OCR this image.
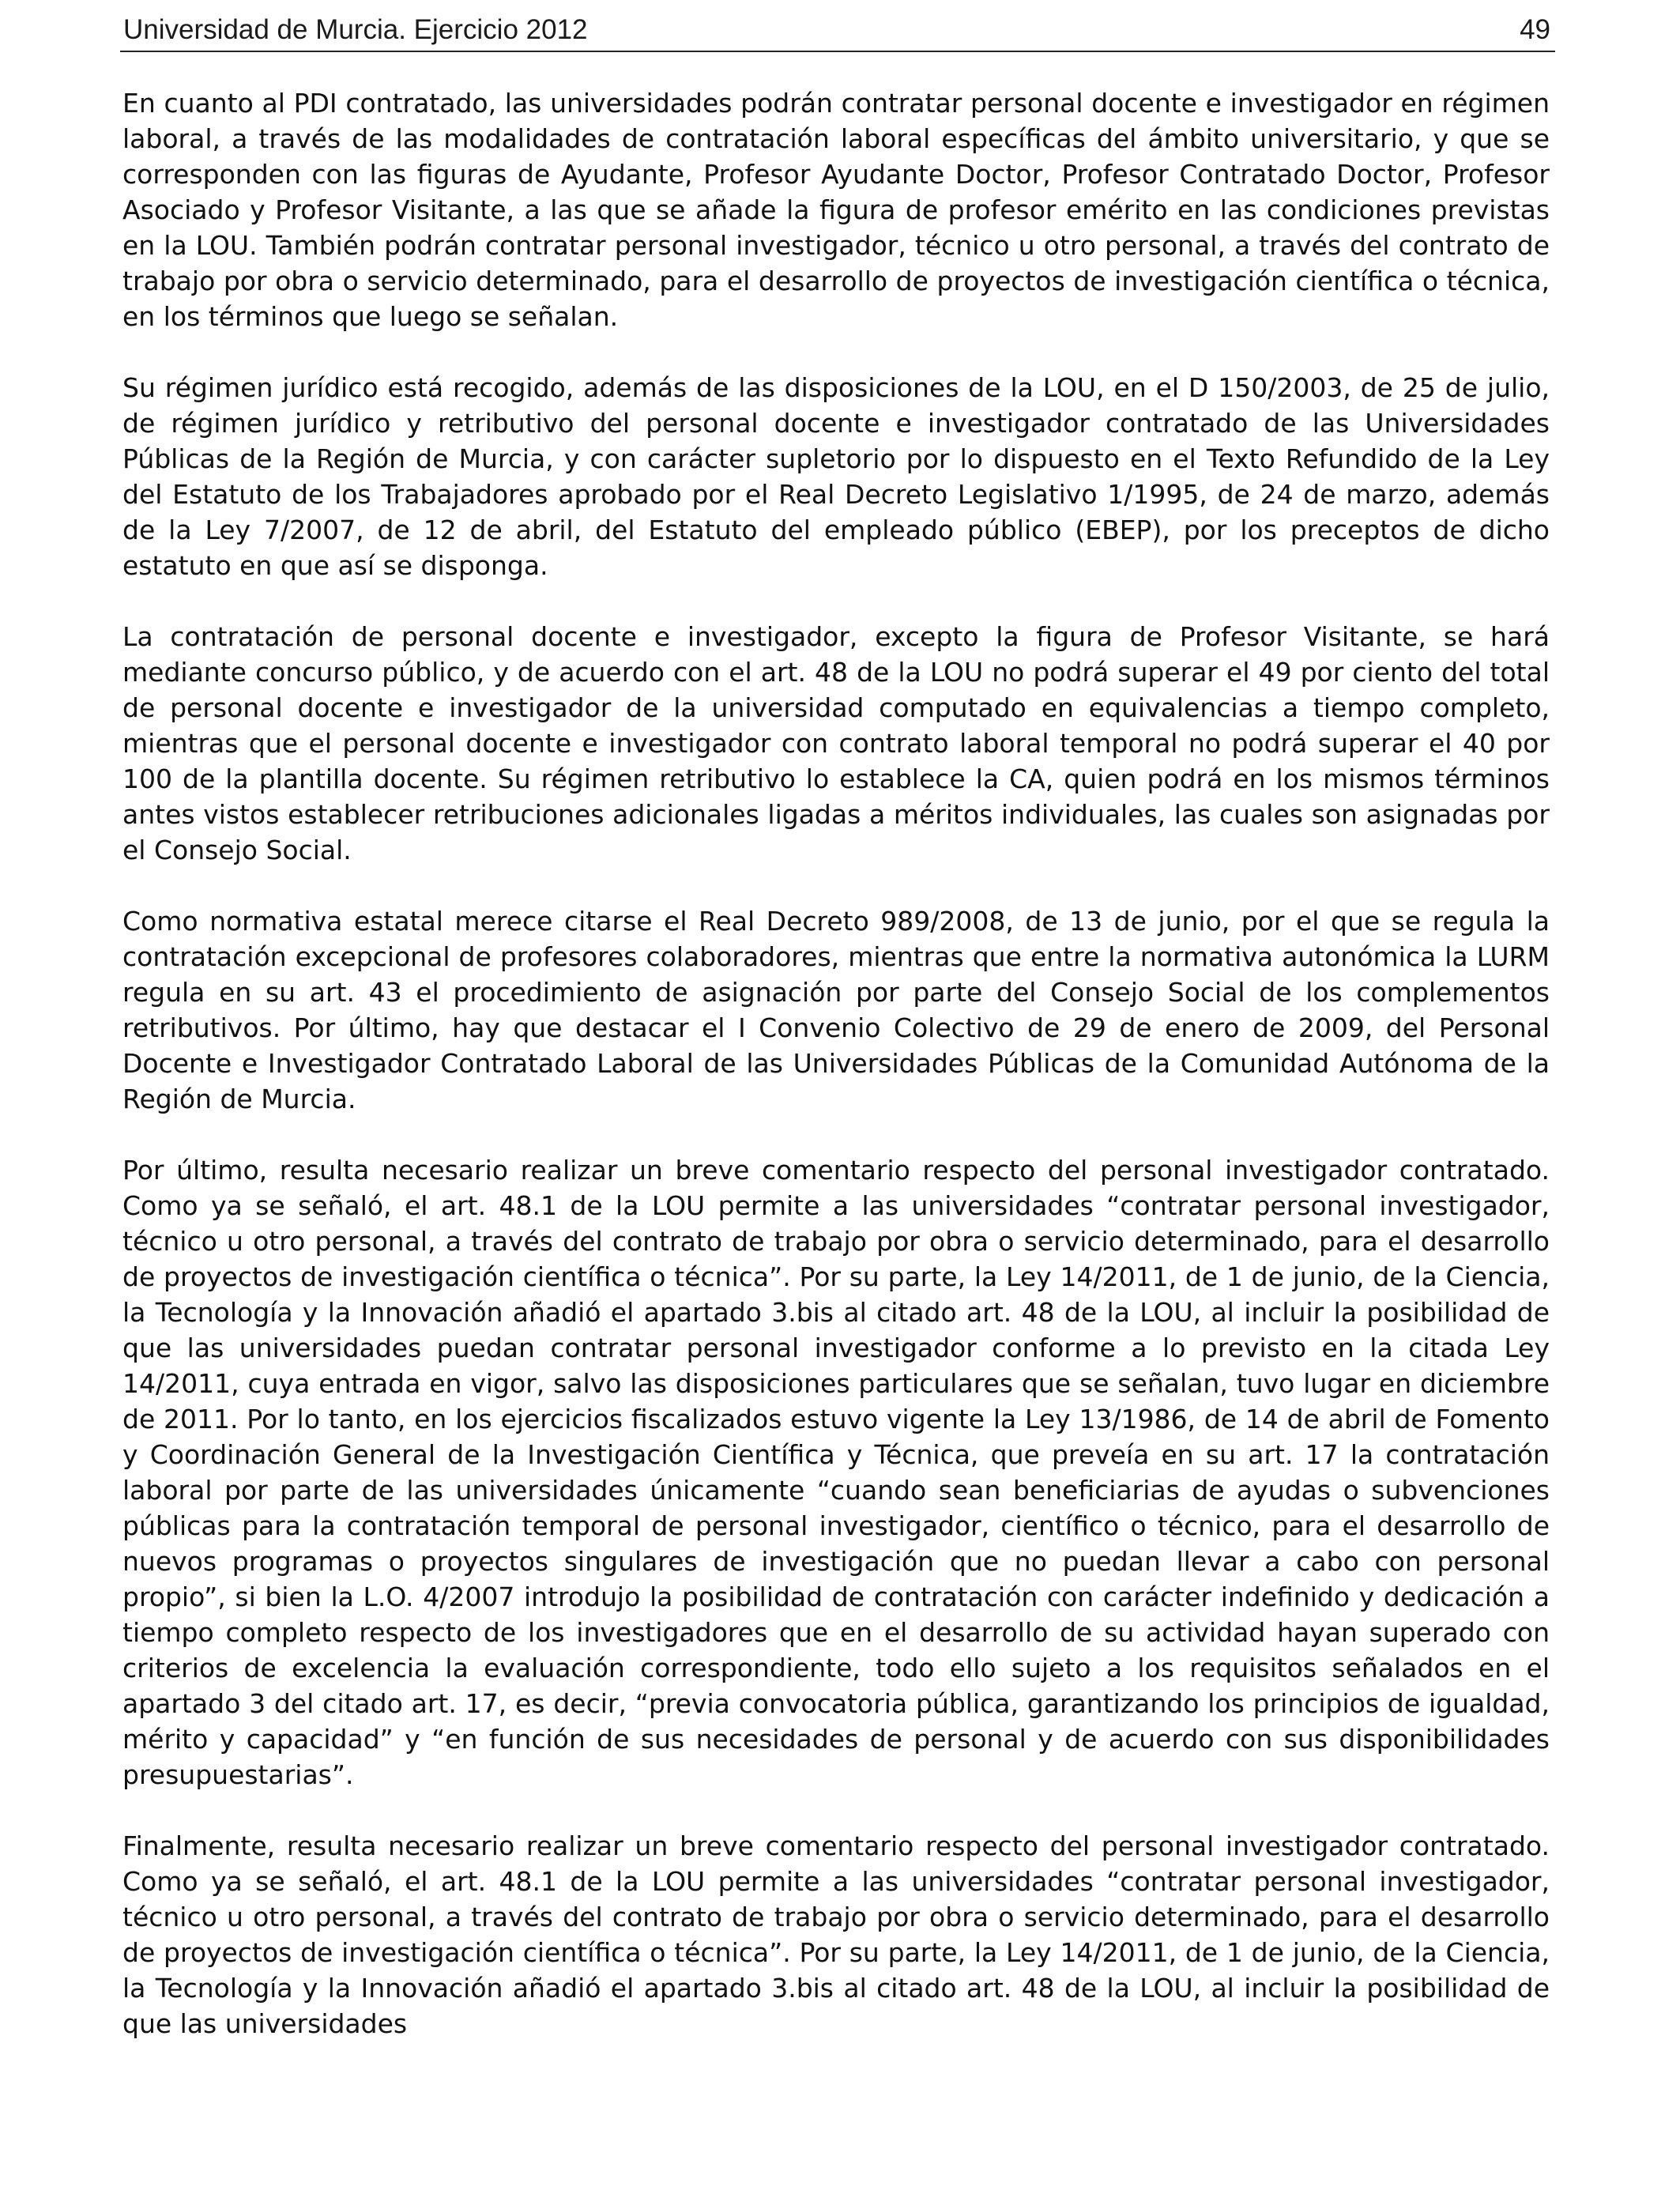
Universidad de Murcia. Ejercicio 2012	49

En cuanto al PDI contratado, las universidades podrán contratar personal docente e investigador en régimen laboral, a través de las modalidades de contratación laboral específicas del ámbito universitario, y que se corresponden con las figuras de Ayudante, Profesor Ayudante Doctor, Profesor Contratado Doctor, Profesor Asociado y Profesor Visitante, a las que se añade la figura de profesor emérito en las condiciones previstas en la LOU. También podrán contratar personal investigador, técnico u otro personal, a través del contrato de trabajo por obra o servicio determinado, para el desarrollo de proyectos de investigación científica o técnica, en los términos que luego se señalan.

Su régimen jurídico está recogido, además de las disposiciones de la LOU, en el D 150/2003, de 25 de julio, de régimen jurídico y retributivo del personal docente e investigador contratado de las Universidades Públicas de la Región de Murcia, y con carácter supletorio por lo dispuesto en el Texto Refundido de la Ley del Estatuto de los Trabajadores aprobado por el Real Decreto Legislativo 1/1995, de 24 de marzo, además de la Ley 7/2007, de 12 de abril, del Estatuto del empleado público (EBEP), por los preceptos de dicho estatuto en que así se disponga.

La contratación de personal docente e investigador, excepto la figura de Profesor Visitante, se hará mediante concurso público, y de acuerdo con el art. 48 de la LOU no podrá superar el 49 por ciento del total de personal docente e investigador de la universidad computado en equivalencias a tiempo completo, mientras que el personal docente e investigador con contrato laboral temporal no podrá superar el 40 por 100 de la plantilla docente. Su régimen retributivo lo establece la CA, quien podrá en los mismos términos antes vistos establecer retribuciones adicionales ligadas a méritos individuales, las cuales son asignadas por el Consejo Social.

Como normativa estatal merece citarse el Real Decreto 989/2008, de 13 de junio, por el que se regula la contratación excepcional de profesores colaboradores, mientras que entre la normativa autonómica la LURM regula en su art. 43 el procedimiento de asignación por parte del Consejo Social de los complementos retributivos. Por último, hay que destacar el I Convenio Colectivo de 29 de enero de 2009, del Personal Docente e Investigador Contratado Laboral de las Universidades Públicas de la Comunidad Autónoma de la Región de Murcia.

Por último, resulta necesario realizar un breve comentario respecto del personal investigador contratado. Como ya se señaló, el art. 48.1 de la LOU permite a las universidades “contratar personal investigador, técnico u otro personal, a través del contrato de trabajo por obra o servicio determinado, para el desarrollo de proyectos de investigación científica o técnica”. Por su parte, la Ley 14/2011, de 1 de junio, de la Ciencia, la Tecnología y la Innovación añadió el apartado 3.bis al citado art. 48 de la LOU, al incluir la posibilidad de que las universidades puedan contratar personal investigador conforme a lo previsto en la citada Ley 14/2011, cuya entrada en vigor, salvo las disposiciones particulares que se señalan, tuvo lugar en diciembre de 2011. Por lo tanto, en los ejercicios fiscalizados estuvo vigente la Ley 13/1986, de 14 de abril de Fomento y Coordinación General de la Investigación Científica y Técnica, que preveía en su art. 17 la contratación laboral por parte de las universidades únicamente “cuando sean beneficiarias de ayudas o subvenciones públicas para la contratación temporal de personal investigador, científico o técnico, para el desarrollo de nuevos programas o proyectos singulares de investigación que no puedan llevar a cabo con personal propio”, si bien la L.O. 4/2007 introdujo la posibilidad de contratación con carácter indefinido y dedicación a tiempo completo respecto de los investigadores que en el desarrollo de su actividad hayan superado con criterios de excelencia la evaluación correspondiente, todo ello sujeto a los requisitos señalados en el apartado 3 del citado art. 17, es decir, “previa convocatoria pública, garantizando los principios de igualdad, mérito y capacidad” y “en función de sus necesidades de personal y de acuerdo con sus disponibilidades presupuestarias”.

Finalmente, resulta necesario realizar un breve comentario respecto del personal investigador contratado. Como ya se señaló, el art. 48.1 de la LOU permite a las universidades “contratar personal investigador, técnico u otro personal, a través del contrato de trabajo por obra o servicio determinado, para el desarrollo de proyectos de investigación científica o técnica”. Por su parte, la Ley 14/2011, de 1 de junio, de la Ciencia, la Tecnología y la Innovación añadió el apartado 3.bis al citado art. 48 de la LOU, al incluir la posibilidad de que las universidades
